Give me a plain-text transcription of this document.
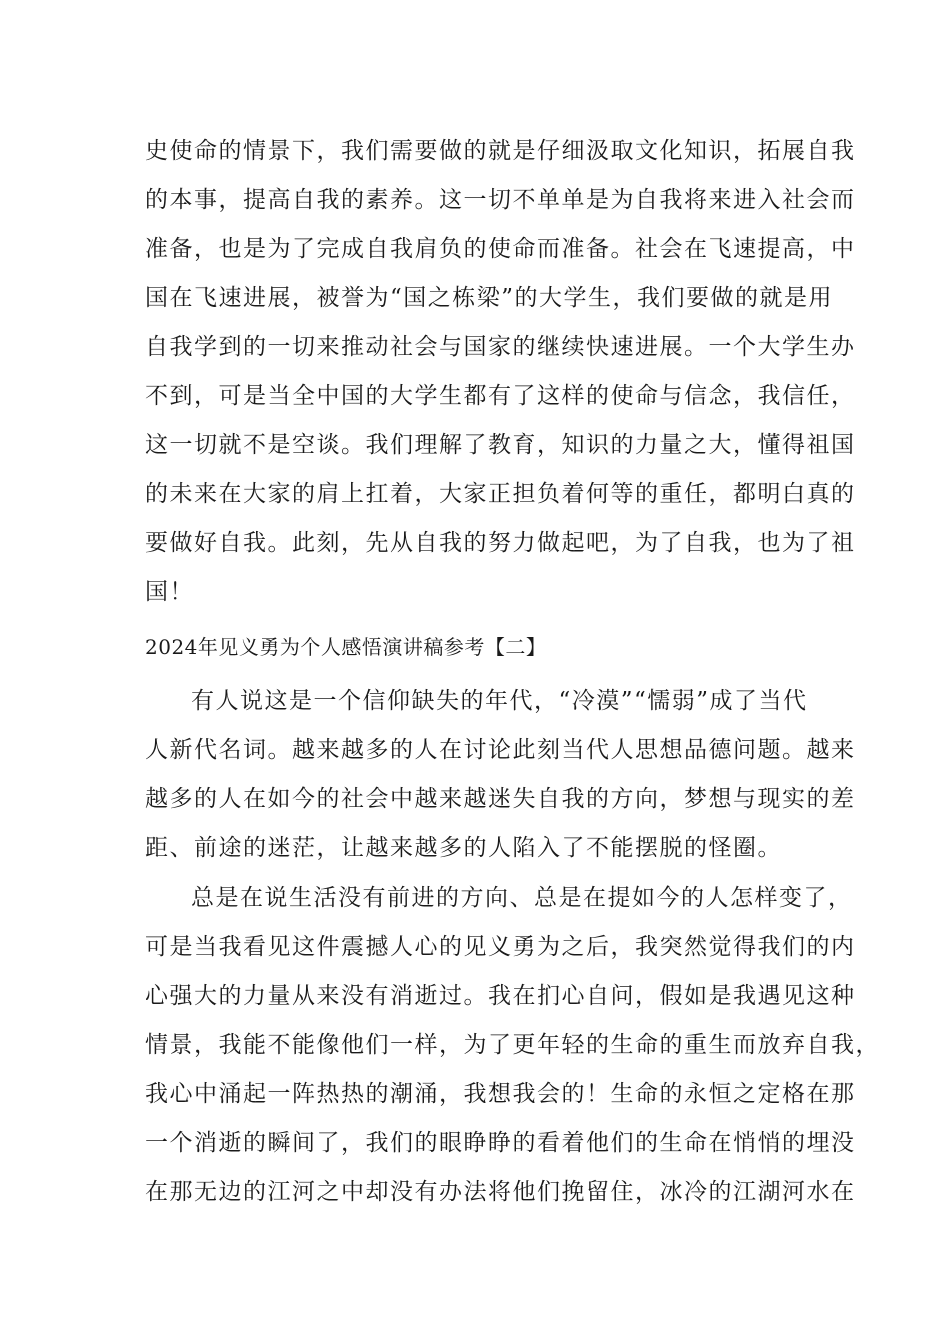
史使命的情景下，我们需要做的就是仔细汲取文化知识，拓展自我
的本事，提高自我的素养。这一切不单单是为自我将来进入社会而
准备，也是为了完成自我肩负的使命而准备。社会在飞速提高，中
国在飞速进展，被誉为“国之栋梁”的大学生，我们要做的就是用
自我学到的一切来推动社会与国家的继续快速进展。一个大学生办
不到，可是当全中国的大学生都有了这样的使命与信念，我信任，
这一切就不是空谈。我们理解了教育，知识的力量之大，懂得祖国
的未来在大家的肩上扛着，大家正担负着何等的重任，都明白真的
要做好自我。此刻，先从自我的努力做起吧，为了自我，也为了祖
国！
2024年见义勇为个人感悟演讲稿参考【二】
有人说这是一个信仰缺失的年代，“冷漠”“懦弱”成了当代
人新代名词。越来越多的人在讨论此刻当代人思想品德问题。越来
越多的人在如今的社会中越来越迷失自我的方向，梦想与现实的差
距、前途的迷茫，让越来越多的人陷入了不能摆脱的怪圈。
总是在说生活没有前进的方向、总是在提如今的人怎样变了，
可是当我看见这件震撼人心的见义勇为之后，我突然觉得我们的内
心强大的力量从来没有消逝过。我在扪心自问，假如是我遇见这种
情景，我能不能像他们一样，为了更年轻的生命的重生而放弃自我，
我心中涌起一阵热热的潮涌，我想我会的！生命的永恒之定格在那
一个消逝的瞬间了，我们的眼睁睁的看着他们的生命在悄悄的埋没
在那无边的江河之中却没有办法将他们挽留住，冰冷的江湖河水在
